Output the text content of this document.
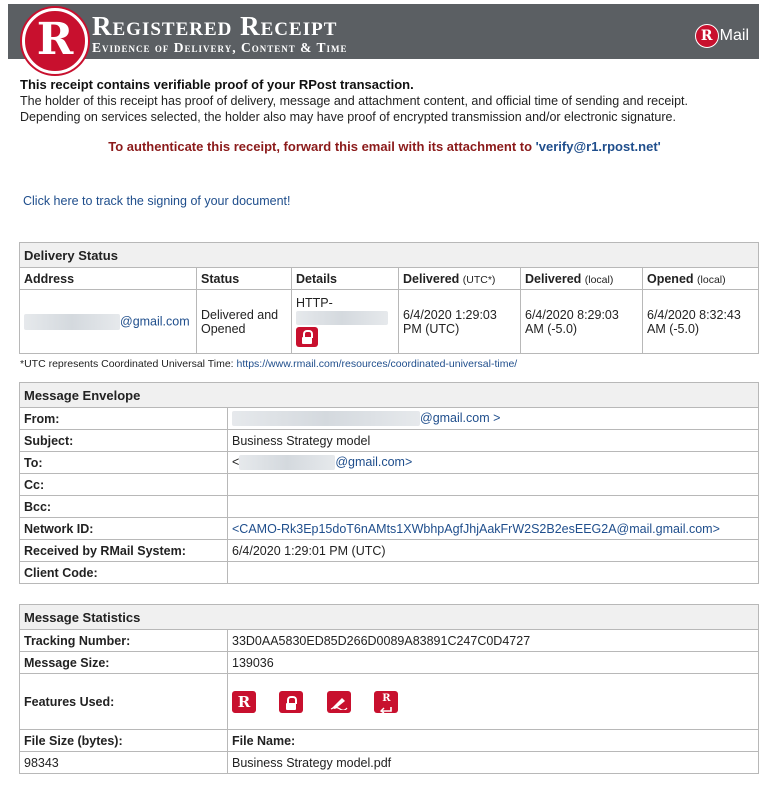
R Registered Receipt
Evidence of Delivery, Content & Time
R Mail
This receipt contains verifiable proof of your RPost transaction.
The holder of this receipt has proof of delivery, message and attachment content, and official time of sending and receipt.
Depending on services selected, the holder also may have proof of encrypted transmission and/or electronic signature.
To authenticate this receipt, forward this email with its attachment to 'verify@r1.rpost.net'
Click here to track the signing of your document!
Delivery Status					
Address	Status	Details	Delivered (UTC*)	Delivered (local)	Opened (local)
@gmail.com	Delivered and Opened	HTTP-	6/4/2020 1:29:03 PM (UTC)	6/4/2020 8:29:03 AM (-5.0)	6/4/2020 8:32:43 AM (-5.0)
*UTC represents Coordinated Universal Time: https://www.rmail.com/resources/coordinated-universal-time/
Message Envelope	
From:	@gmail.com >
Subject:	Business Strategy model
To:	< @gmail.com>
Cc:	
Bcc:	
Network ID:	<CAMO-Rk3Ep15doT6nAMts1XWbhpAgfJhjAakFrW2S2B2esEEG2A@mail.gmail.com>
Received by RMail System:	6/4/2020 1:29:01 PM (UTC)
Client Code:	
Message Statistics	
Tracking Number:	33D0AA5830ED85D266D0089A83891C247C0D4727
Message Size:	139036
Features Used:	R R

File Size (bytes):	File Name:
98343	Business Strategy model.pdf
